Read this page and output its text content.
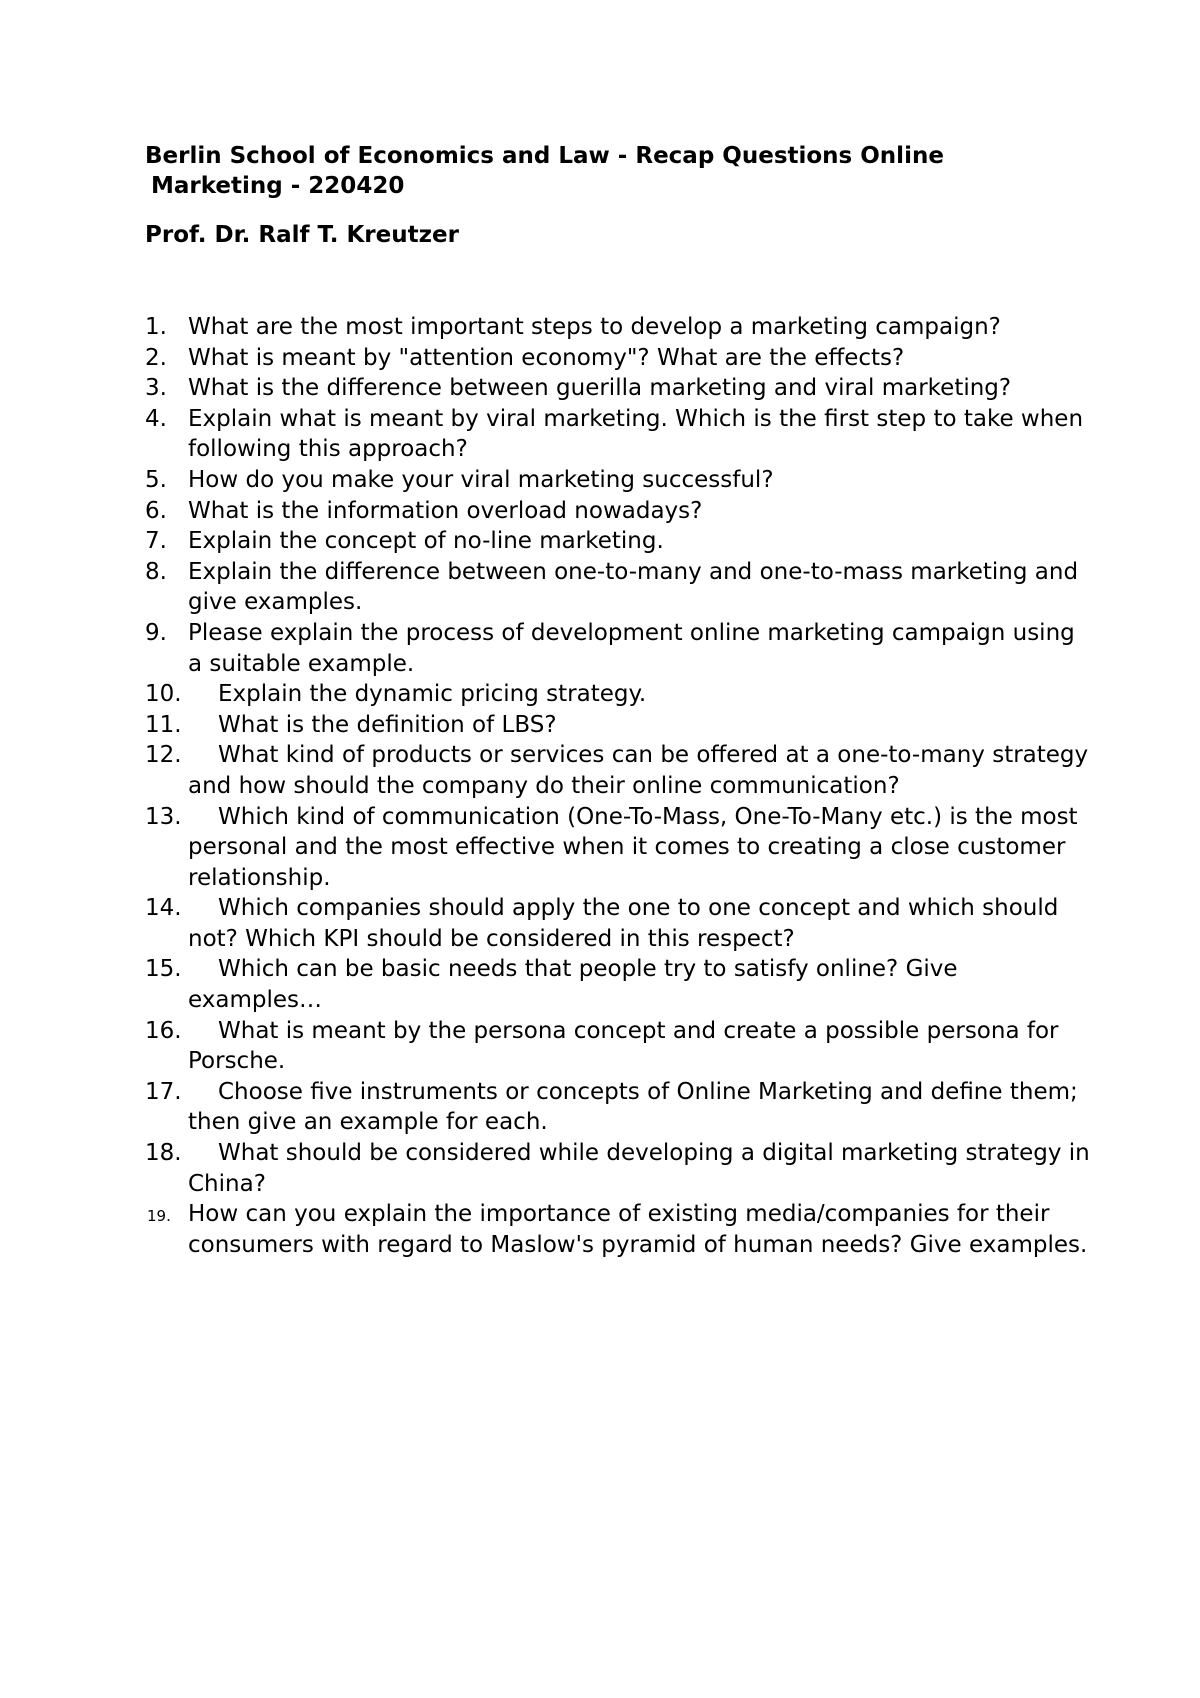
Berlin School of Economics and Law - Recap Questions Online
Marketing - 220420

Prof. Dr. Ralf T. Kreutzer

1. What are the most important steps to develop a marketing campaign?
2. What is meant by "attention economy"? What are the effects?
3. What is the difference between guerilla marketing and viral marketing?
4. Explain what is meant by viral marketing. Which is the first step to take when following this approach?
5. How do you make your viral marketing successful?
6. What is the information overload nowadays?
7. Explain the concept of no-line marketing.
8. Explain the difference between one-to-many and one-to-mass marketing and give examples.
9. Please explain the process of development online marketing campaign using a suitable example.
10.	Explain the dynamic pricing strategy.
11.	What is the definition of LBS?
12.	What kind of products or services can be offered at a one-to-many strategy and how should the company do their online communication?
13.	Which kind of communication (One-To-Mass, One-To-Many etc.) is the most personal and the most effective when it comes to creating a close customer relationship.
14.	Which companies should apply the one to one concept and which should not? Which KPI should be considered in this respect?
15.	Which can be basic needs that people try to satisfy online? Give examples…
16.	What is meant by the persona concept and create a possible persona for Porsche.
17.	Choose five instruments or concepts of Online Marketing and define them; then give an example for each.
18.	What should be considered while developing a digital marketing strategy in China?
19. How can you explain the importance of existing media/companies for their consumers with regard to Maslow's pyramid of human needs? Give examples.
